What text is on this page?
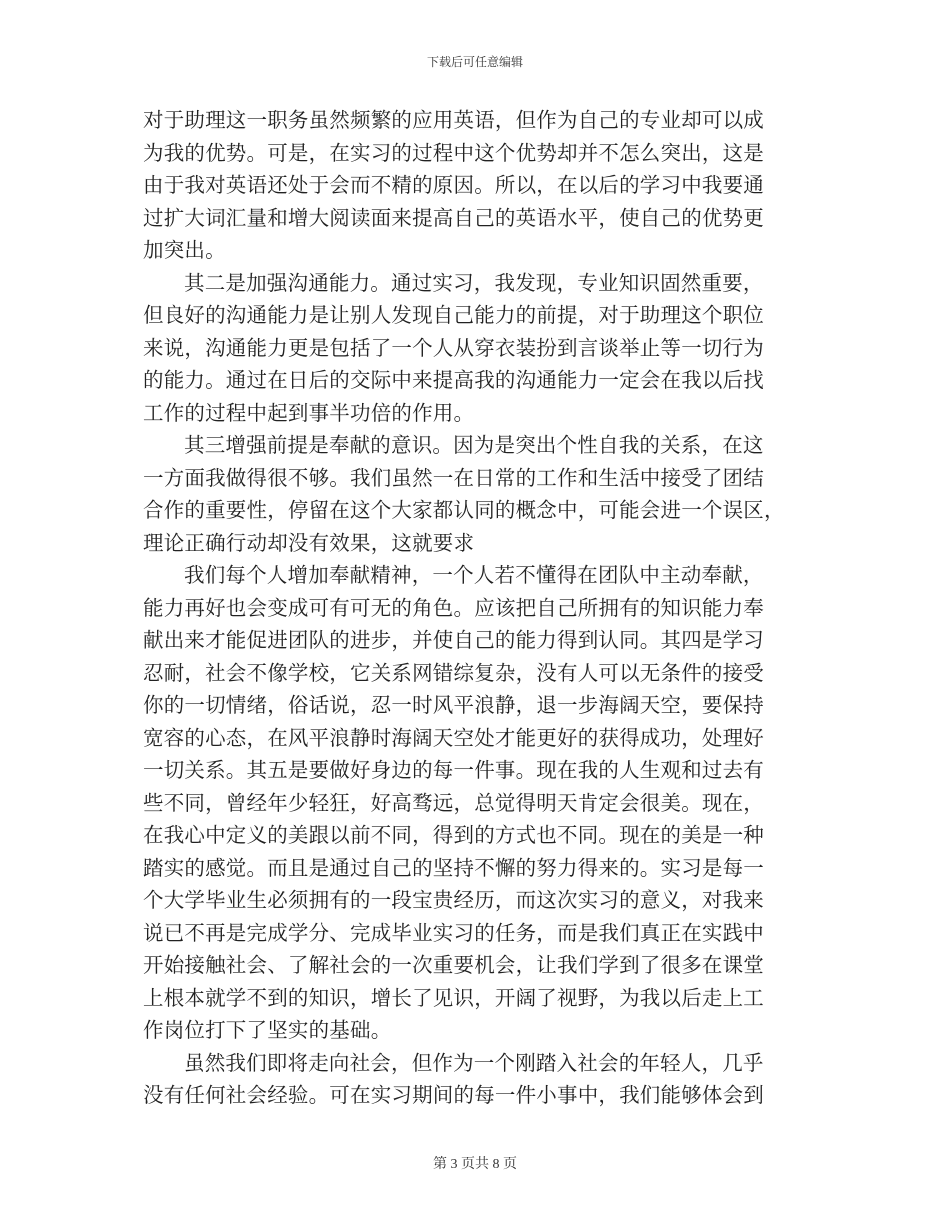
下载后可任意编辑
对于助理这一职务虽然频繁的应用英语，但作为自己的专业却可以成
为我的优势。可是，在实习的过程中这个优势却并不怎么突出，这是
由于我对英语还处于会而不精的原因。所以，在以后的学习中我要通
过扩大词汇量和增大阅读面来提高自己的英语水平，使自己的优势更
加突出。
其二是加强沟通能力。通过实习，我发现，专业知识固然重要，
但良好的沟通能力是让别人发现自己能力的前提，对于助理这个职位
来说，沟通能力更是包括了一个人从穿衣装扮到言谈举止等一切行为
的能力。通过在日后的交际中来提高我的沟通能力一定会在我以后找
工作的过程中起到事半功倍的作用。
其三增强前提是奉献的意识。因为是突出个性自我的关系，在这
一方面我做得很不够。我们虽然一在日常的工作和生活中接受了团结
合作的重要性，停留在这个大家都认同的概念中，可能会进一个误区，
理论正确行动却没有效果，这就要求
我们每个人增加奉献精神，一个人若不懂得在团队中主动奉献，
能力再好也会变成可有可无的角色。应该把自己所拥有的知识能力奉
献出来才能促进团队的进步，并使自己的能力得到认同。其四是学习
忍耐，社会不像学校，它关系网错综复杂，没有人可以无条件的接受
你的一切情绪，俗话说，忍一时风平浪静，退一步海阔天空，要保持
宽容的心态，在风平浪静时海阔天空处才能更好的获得成功，处理好
一切关系。其五是要做好身边的每一件事。现在我的人生观和过去有
些不同，曾经年少轻狂，好高骛远，总觉得明天肯定会很美。现在，
在我心中定义的美跟以前不同，得到的方式也不同。现在的美是一种
踏实的感觉。而且是通过自己的坚持不懈的努力得来的。实习是每一
个大学毕业生必须拥有的一段宝贵经历，而这次实习的意义，对我来
说已不再是完成学分、完成毕业实习的任务，而是我们真正在实践中
开始接触社会、了解社会的一次重要机会，让我们学到了很多在课堂
上根本就学不到的知识，增长了见识，开阔了视野，为我以后走上工
作岗位打下了坚实的基础。
虽然我们即将走向社会，但作为一个刚踏入社会的年轻人，几乎
没有任何社会经验。可在实习期间的每一件小事中，我们能够体会到
第 3 页共 8 页
